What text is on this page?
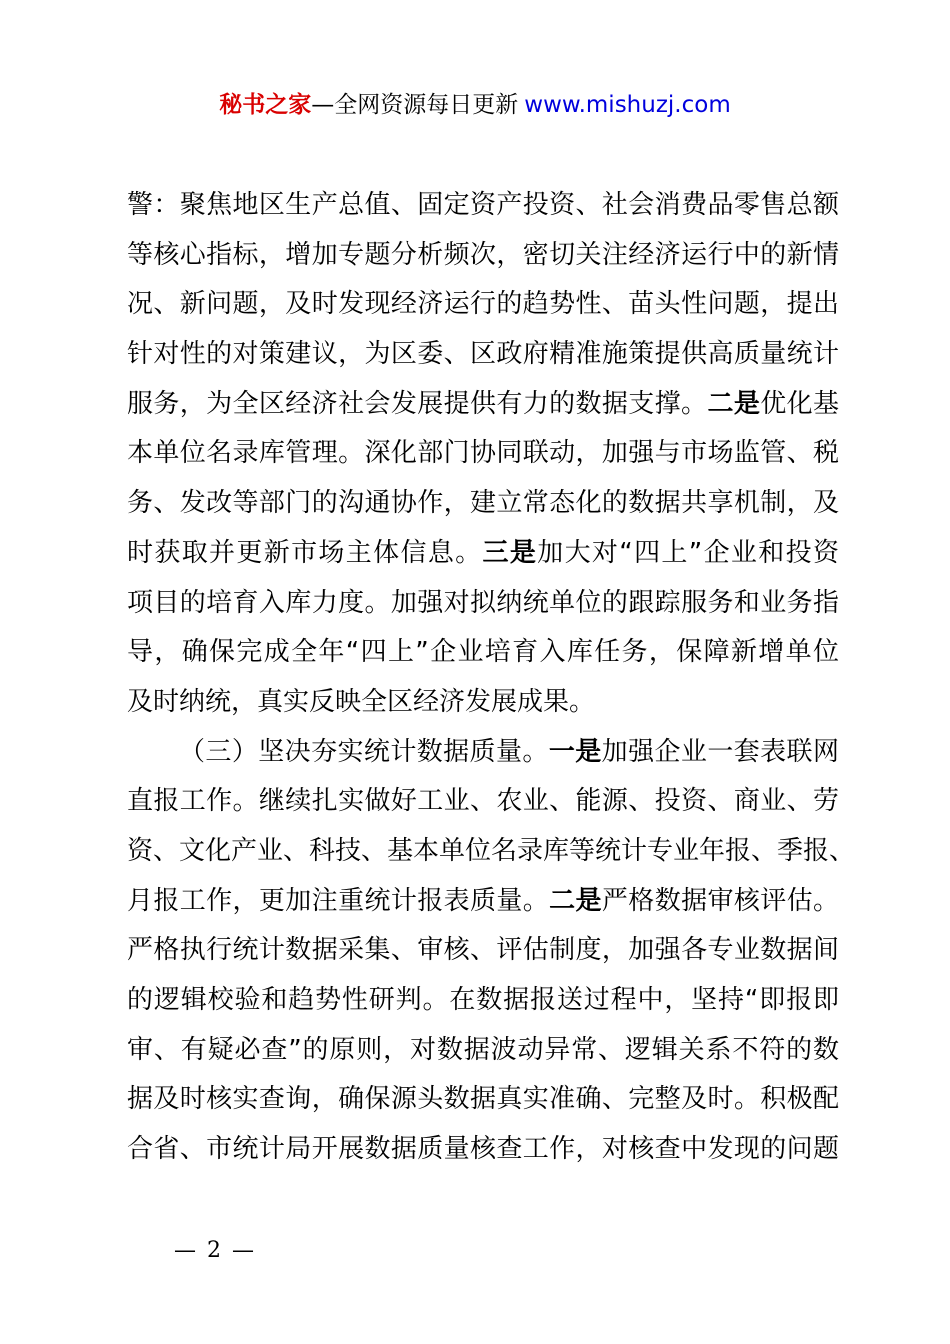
秘书之家—全网资源每日更新 www.mishuzj.com
警：聚焦地区生产总值、固定资产投资、社会消费品零售总额
等核心指标，增加专题分析频次，密切关注经济运行中的新情
况、新问题，及时发现经济运行的趋势性、苗头性问题，提出
针对性的对策建议，为区委、区政府精准施策提供高质量统计
服务，为全区经济社会发展提供有力的数据支撑。二是优化基
本单位名录库管理。深化部门协同联动，加强与市场监管、税
务、发改等部门的沟通协作，建立常态化的数据共享机制，及
时获取并更新市场主体信息。三是加大对“四上”企业和投资
项目的培育入库力度。加强对拟纳统单位的跟踪服务和业务指
导，确保完成全年“四上”企业培育入库任务，保障新增单位
及时纳统，真实反映全区经济发展成果。
（三）坚决夯实统计数据质量。一是加强企业一套表联网
直报工作。继续扎实做好工业、农业、能源、投资、商业、劳
资、文化产业、科技、基本单位名录库等统计专业年报、季报、
月报工作，更加注重统计报表质量。二是严格数据审核评估。
严格执行统计数据采集、审核、评估制度，加强各专业数据间
的逻辑校验和趋势性研判。在数据报送过程中，坚持“即报即
审、有疑必查”的原则，对数据波动异常、逻辑关系不符的数
据及时核实查询，确保源头数据真实准确、完整及时。积极配
合省、市统计局开展数据质量核查工作，对核查中发现的问题
— 2 —
